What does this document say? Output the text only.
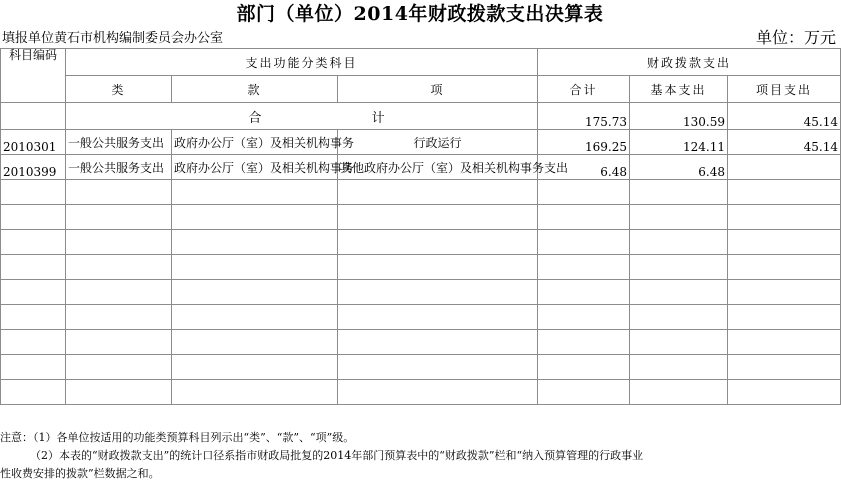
部门（单位）2014年财政拨款支出决算表
填报单位黄石市机构编制委员会办公室	单位：万元
科目编码	支出功能分类科目			财政拨款支出		
	类	款	项	合计	基本支出	项目支出
	合 计			175.73	130.59	45.14
2010301	一般公共服务支出	政府办公厅（室）及相关机构事务	行政运行	169.25	124.11	45.14
2010399	一般公共服务支出	政府办公厅（室）及相关机构事务	其他政府办公厅（室）及相关机构事务支出	6.48	6.48	

注意：（1）各单位按适用的功能类预算科目列示出“类”、“款”、“项”级。
（2）本表的“财政拨款支出”的统计口径系指市财政局批复的2014年部门预算表中的“财政拨款”栏和“纳入预算管理的行政事业
性收费安排的拨款”栏数据之和。
